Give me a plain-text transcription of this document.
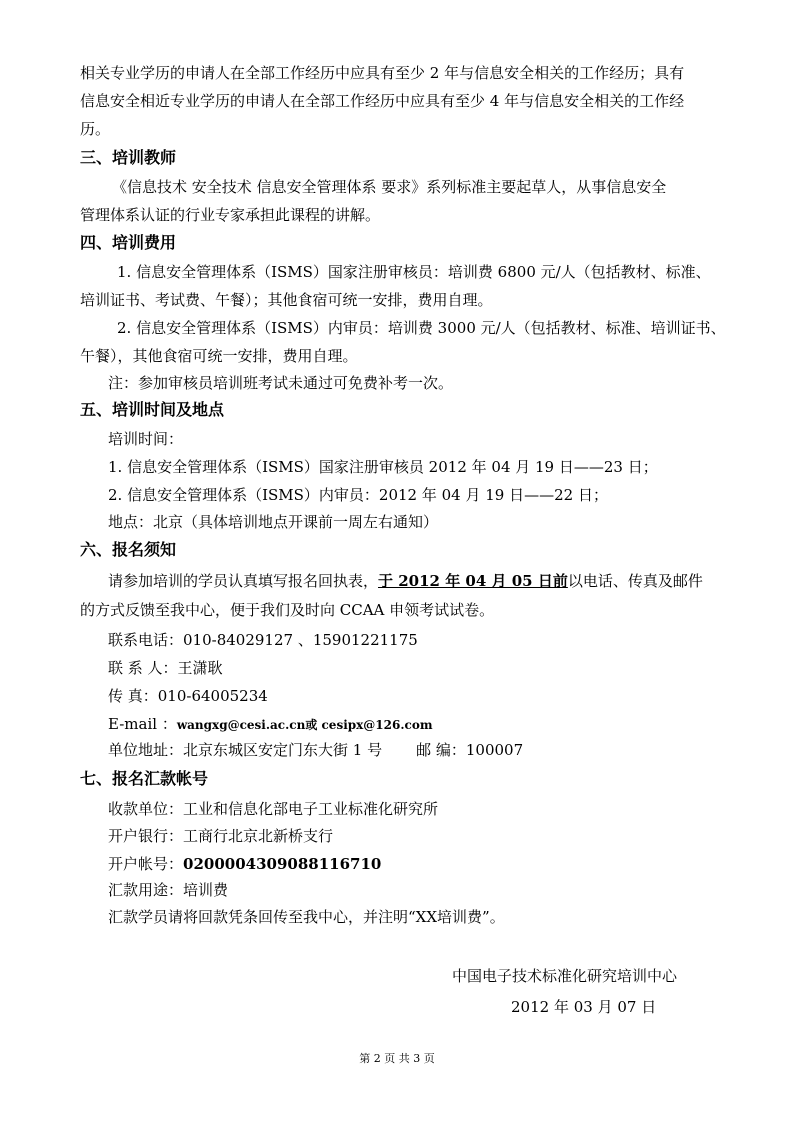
相关专业学历的申请人在全部工作经历中应具有至少 2 年与信息安全相关的工作经历；具有
信息安全相近专业学历的申请人在全部工作经历中应具有至少 4 年与信息安全相关的工作经
历。
三、培训教师
《信息技术 安全技术 信息安全管理体系 要求》系列标准主要起草人，从事信息安全
管理体系认证的行业专家承担此课程的讲解。
四、培训费用
1. 信息安全管理体系（ISMS）国家注册审核员：培训费 6800 元/人（包括教材、标准、
培训证书、考试费、午餐）；其他食宿可统一安排，费用自理。
2. 信息安全管理体系（ISMS）内审员：培训费 3000 元/人（包括教材、标准、培训证书、
午餐），其他食宿可统一安排，费用自理。
注：参加审核员培训班考试未通过可免费补考一次。
五、培训时间及地点
培训时间：
1. 信息安全管理体系（ISMS）国家注册审核员 2012 年 04 月 19 日——23 日；
2. 信息安全管理体系（ISMS）内审员：2012 年 04 月 19 日——22 日；
地点：北京（具体培训地点开课前一周左右通知）
六、报名须知
请参加培训的学员认真填写报名回执表，于 2012 年 04 月 05 日前以电话、传真及邮件
的方式反馈至我中心，便于我们及时向 CCAA 申领考试试卷。
联系电话：010-84029127 、15901221175
联 系 人：王潇耿
传 真：010-64005234
E-mail ：wangxg@cesi.ac.cn或 cesipx@126.com
单位地址：北京东城区安定门东大街 1 号 邮 编：100007
七、报名汇款帐号
收款单位：工业和信息化部电子工业标准化研究所
开户银行：工商行北京北新桥支行
开户帐号：0200004309088116710
汇款用途：培训费
汇款学员请将回款凭条回传至我中心，并注明“XX培训费”。
中国电子技术标准化研究培训中心
2012 年 03 月 07 日
第 2 页 共 3 页
